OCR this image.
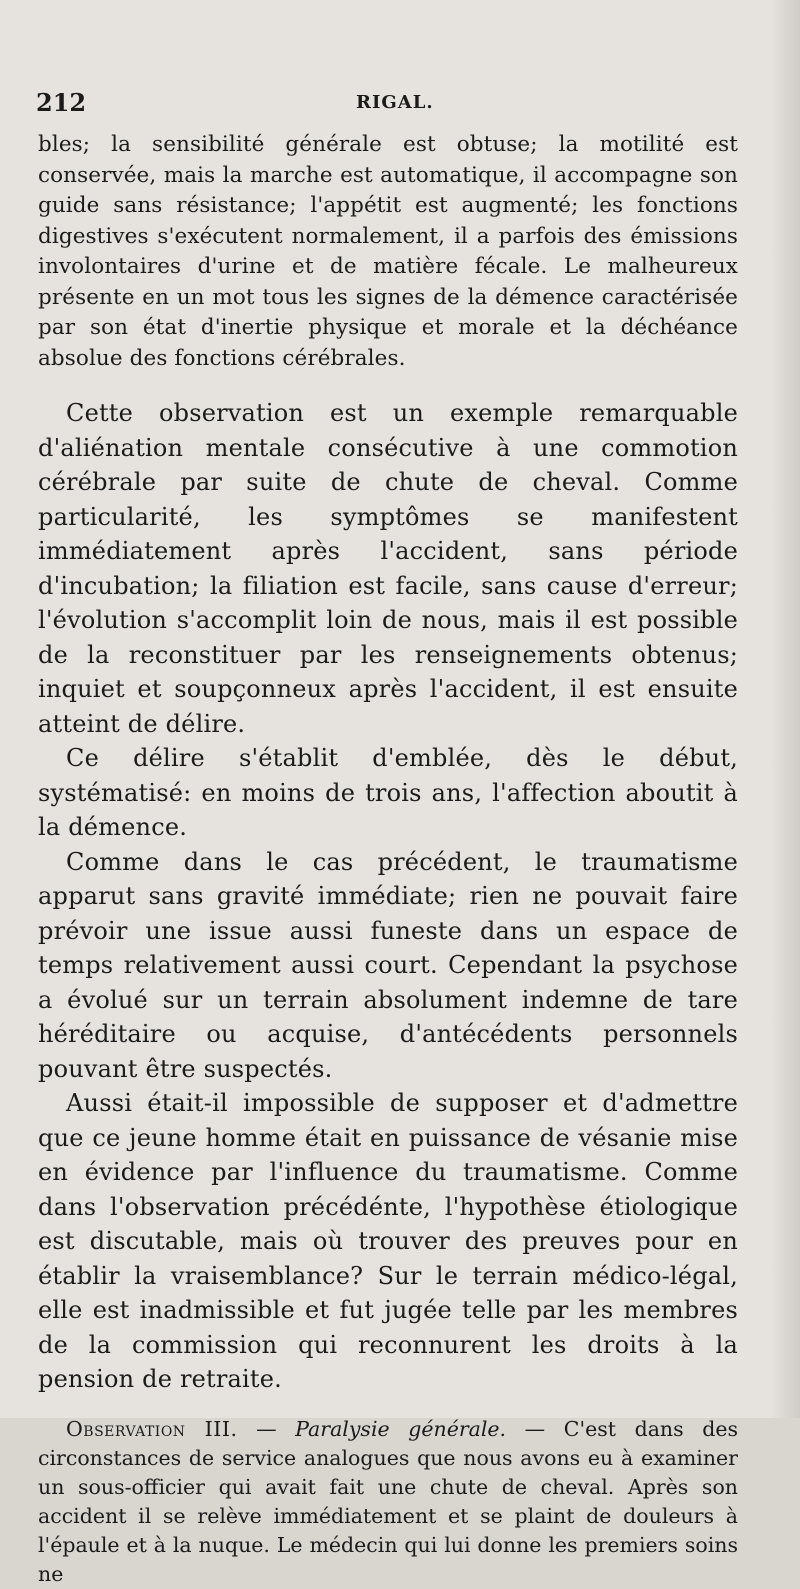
212	RIGAL.

bles; la sensibilité générale est obtuse; la motilité est conservée, mais la marche est automatique, il accompagne son guide sans résistance; l'appétit est augmenté; les fonctions digestives s'exécutent normalement, il a parfois des émissions involontaires d'urine et de matière fécale. Le malheureux présente en un mot tous les signes de la démence caractérisée par son état d'inertie physique et morale et la déchéance absolue des fonctions cérébrales.

Cette observation est un exemple remarquable d'aliénation mentale consécutive à une commotion cérébrale par suite de chute de cheval. Comme particularité, les symptômes se manifestent immédiatement après l'accident, sans période d'incubation; la filiation est facile, sans cause d'erreur; l'évolution s'accomplit loin de nous, mais il est possible de la reconstituer par les renseignements obtenus; inquiet et soupçonneux après l'accident, il est ensuite atteint de délire.

Ce délire s'établit d'emblée, dès le début, systématisé: en moins de trois ans, l'affection aboutit à la démence.

Comme dans le cas précédent, le traumatisme apparut sans gravité immédiate; rien ne pouvait faire prévoir une issue aussi funeste dans un espace de temps relativement aussi court. Cependant la psychose a évolué sur un terrain absolument indemne de tare héréditaire ou acquise, d'antécédents personnels pouvant être suspectés.

Aussi était-il impossible de supposer et d'admettre que ce jeune homme était en puissance de vésanie mise en évidence par l'influence du traumatisme. Comme dans l'observation précédénte, l'hypothèse étiologique est discutable, mais où trouver des preuves pour en établir la vraisemblance? Sur le terrain médico-légal, elle est inadmissible et fut jugée telle par les membres de la commission qui reconnurent les droits à la pension de retraite.

Observation III. — Paralysie générale. — C'est dans des circonstances de service analogues que nous avons eu à examiner un sous-officier qui avait fait une chute de cheval. Après son accident il se relève immédiatement et se plaint de douleurs à l'épaule et à la nuque. Le médecin qui lui donne les premiers soins ne
